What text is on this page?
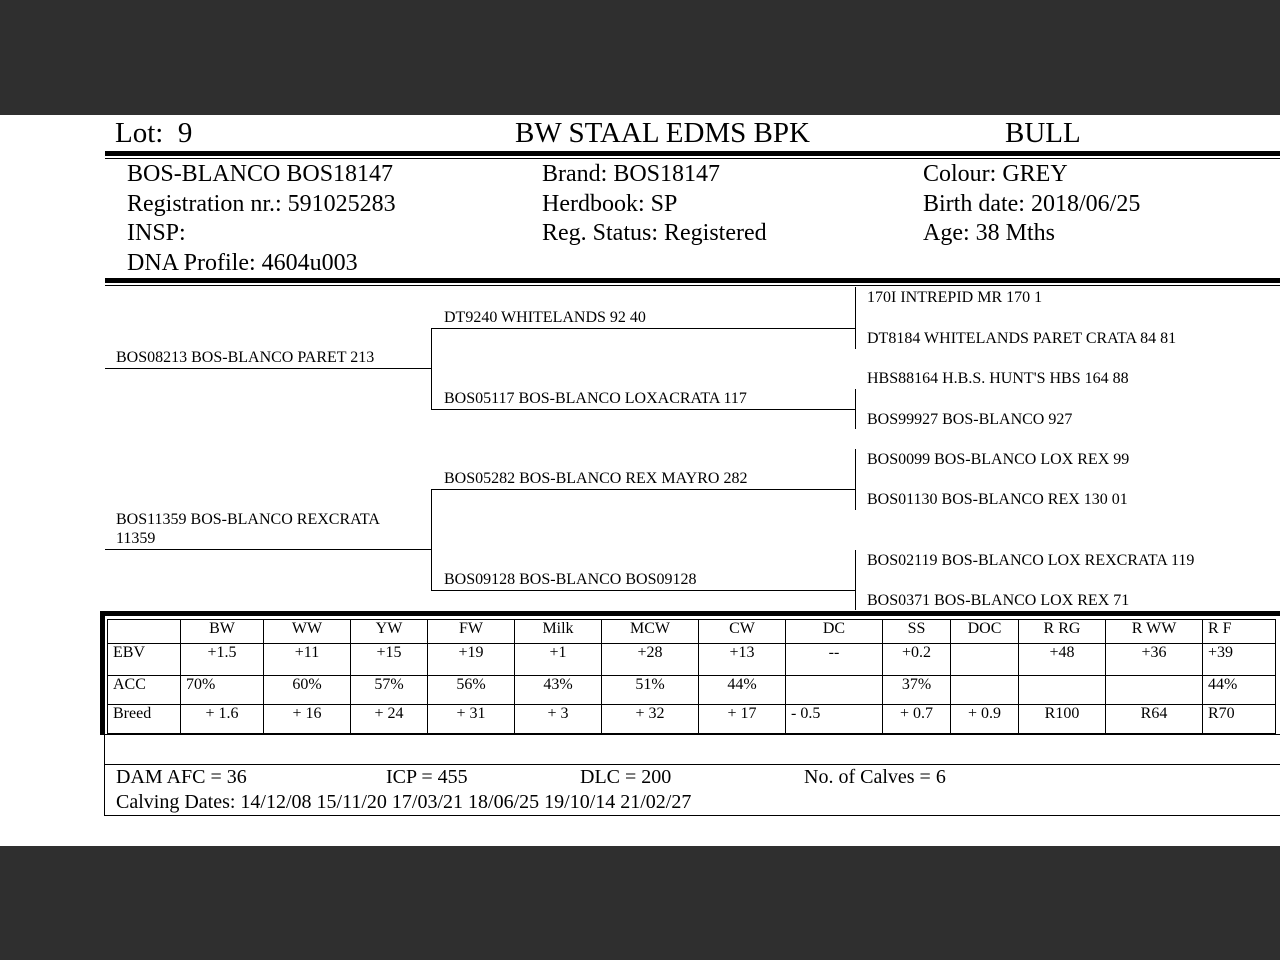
Lot: 9	BW STAAL EDMS BPK	BULL
BOS-BLANCO BOS18147
Registration nr.: 591025283
INSP:
DNA Profile: 4604u003
Brand: BOS18147
Herdbook: SP
Reg. Status: Registered
Colour: GREY
Birth date: 2018/06/25
Age: 38 Mths
BOS08213 BOS-BLANCO PARET 213
BOS11359 BOS-BLANCO REXCRATA
11359
DT9240 WHITELANDS 92 40
BOS05117 BOS-BLANCO LOXACRATA 117
BOS05282 BOS-BLANCO REX MAYRO 282
BOS09128 BOS-BLANCO BOS09128
170I INTREPID MR 170 1
DT8184 WHITELANDS PARET CRATA 84 81
HBS88164 H.B.S. HUNT'S HBS 164 88
BOS99927 BOS-BLANCO 927
BOS0099 BOS-BLANCO LOX REX 99
BOS01130 BOS-BLANCO REX 130 01
BOS02119 BOS-BLANCO LOX REXCRATA 119
BOS0371 BOS-BLANCO LOX REX 71
	BW	WW	YW	FW	Milk	MCW	CW	DC	SS	DOC	R RG	R WW	R F
EBV	+1.5	+11	+15	+19	+1	+28	+13	--	+0.2		+48	+36	+39
ACC	70%	60%	57%	56%	43%	51%	44%		37%				44%
Breed	+ 1.6	+ 16	+ 24	+ 31	+ 3	+ 32	+ 17	- 0.5	+ 0.7	+ 0.9	R100	R64	R70
DAM AFC = 36	ICP = 455	DLC = 200	No. of Calves = 6
Calving Dates: 14/12/08 15/11/20 17/03/21 18/06/25 19/10/14 21/02/27
